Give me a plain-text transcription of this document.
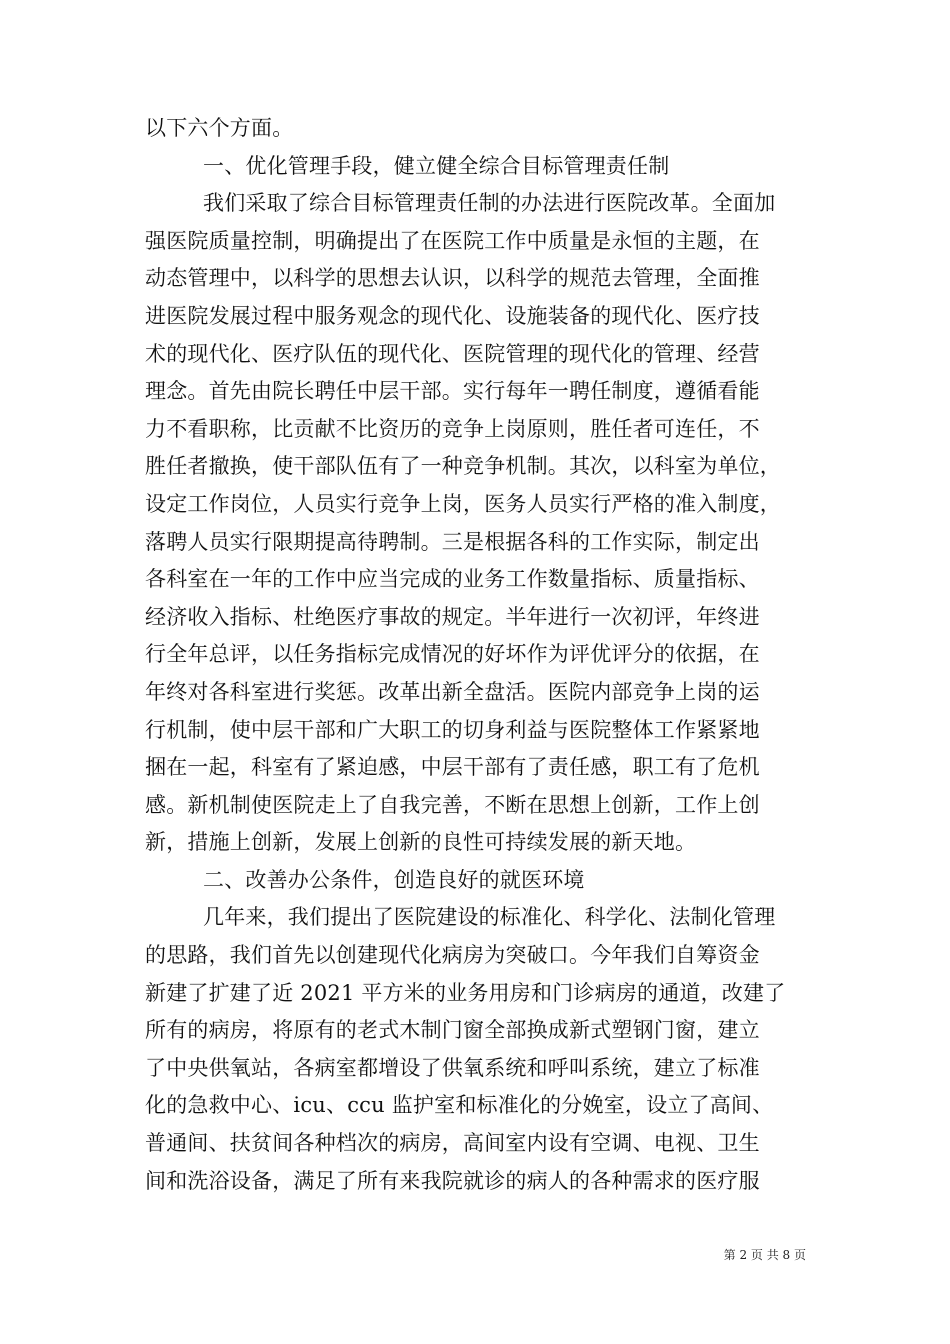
以下六个方面。
一、优化管理手段，健立健全综合目标管理责任制
我们采取了综合目标管理责任制的办法进行医院改革。全面加
强医院质量控制，明确提出了在医院工作中质量是永恒的主题，在
动态管理中，以科学的思想去认识，以科学的规范去管理，全面推
进医院发展过程中服务观念的现代化、设施装备的现代化、医疗技
术的现代化、医疗队伍的现代化、医院管理的现代化的管理、经营
理念。首先由院长聘任中层干部。实行每年一聘任制度，遵循看能
力不看职称，比贡献不比资历的竞争上岗原则，胜任者可连任，不
胜任者撤换，使干部队伍有了一种竞争机制。其次，以科室为单位，
设定工作岗位，人员实行竞争上岗，医务人员实行严格的准入制度，
落聘人员实行限期提高待聘制。三是根据各科的工作实际，制定出
各科室在一年的工作中应当完成的业务工作数量指标、质量指标、
经济收入指标、杜绝医疗事故的规定。半年进行一次初评，年终进
行全年总评，以任务指标完成情况的好坏作为评优评分的依据，在
年终对各科室进行奖惩。改革出新全盘活。医院内部竞争上岗的运
行机制，使中层干部和广大职工的切身利益与医院整体工作紧紧地
捆在一起，科室有了紧迫感，中层干部有了责任感，职工有了危机
感。新机制使医院走上了自我完善，不断在思想上创新，工作上创
新，措施上创新，发展上创新的良性可持续发展的新天地。
二、改善办公条件，创造良好的就医环境
几年来，我们提出了医院建设的标准化、科学化、法制化管理
的思路，我们首先以创建现代化病房为突破口。今年我们自筹资金
新建了扩建了近 2021 平方米的业务用房和门诊病房的通道，改建了
所有的病房，将原有的老式木制门窗全部换成新式塑钢门窗，建立
了中央供氧站，各病室都增设了供氧系统和呼叫系统，建立了标准
化的急救中心、icu、ccu 监护室和标准化的分娩室，设立了高间、
普通间、扶贫间各种档次的病房，高间室内设有空调、电视、卫生
间和洗浴设备，满足了所有来我院就诊的病人的各种需求的医疗服
第 2 页 共 8 页
